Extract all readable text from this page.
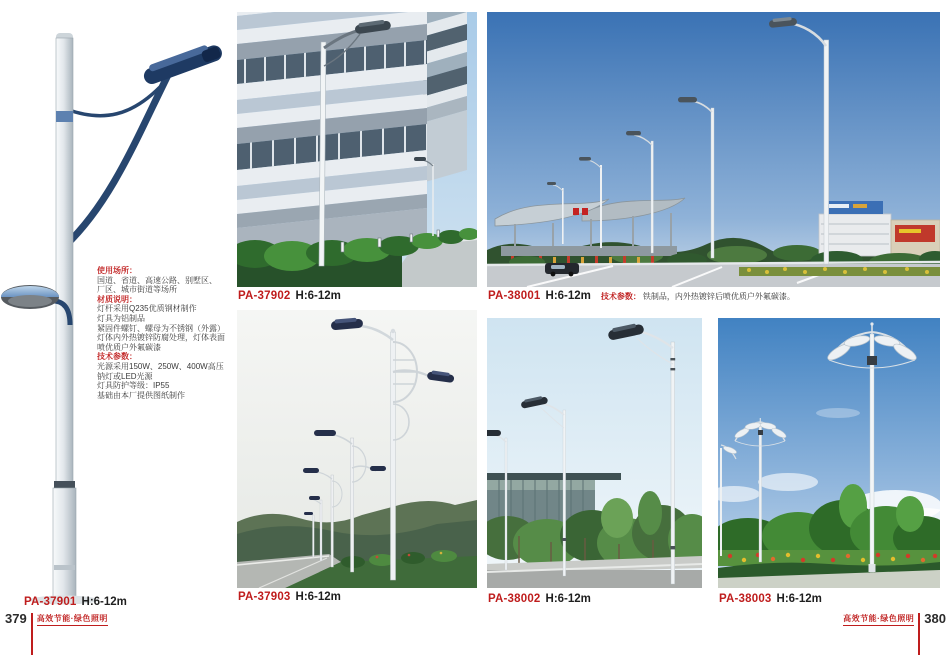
使用场所：
国道、省道、高速公路、别墅区、
厂区、城市街道等场所
材质说明：
灯杆采用Q235优质钢材制作
灯具为铝制品
紧固件螺钉、螺母为不锈钢（外露）
灯体内外热镀锌防腐处理，灯体表面
喷优质户外氟碳漆
技术参数：
光源采用150W、250W、400W高压
钠灯或LED光源
灯具防护等级：IP55
基础由本厂提供图纸制作
PA-37901 H:6-12m
PA-37902 H:6-12m
PA-37903 H:6-12m
PA-38001 H:6-12m 技术参数： 铁制品，内外热镀锌后喷优质户外氟碳漆。
PA-38002 H:6-12m	PA-38003 H:6-12m
379 高效节能·绿色照明	高效节能·绿色照明 380
